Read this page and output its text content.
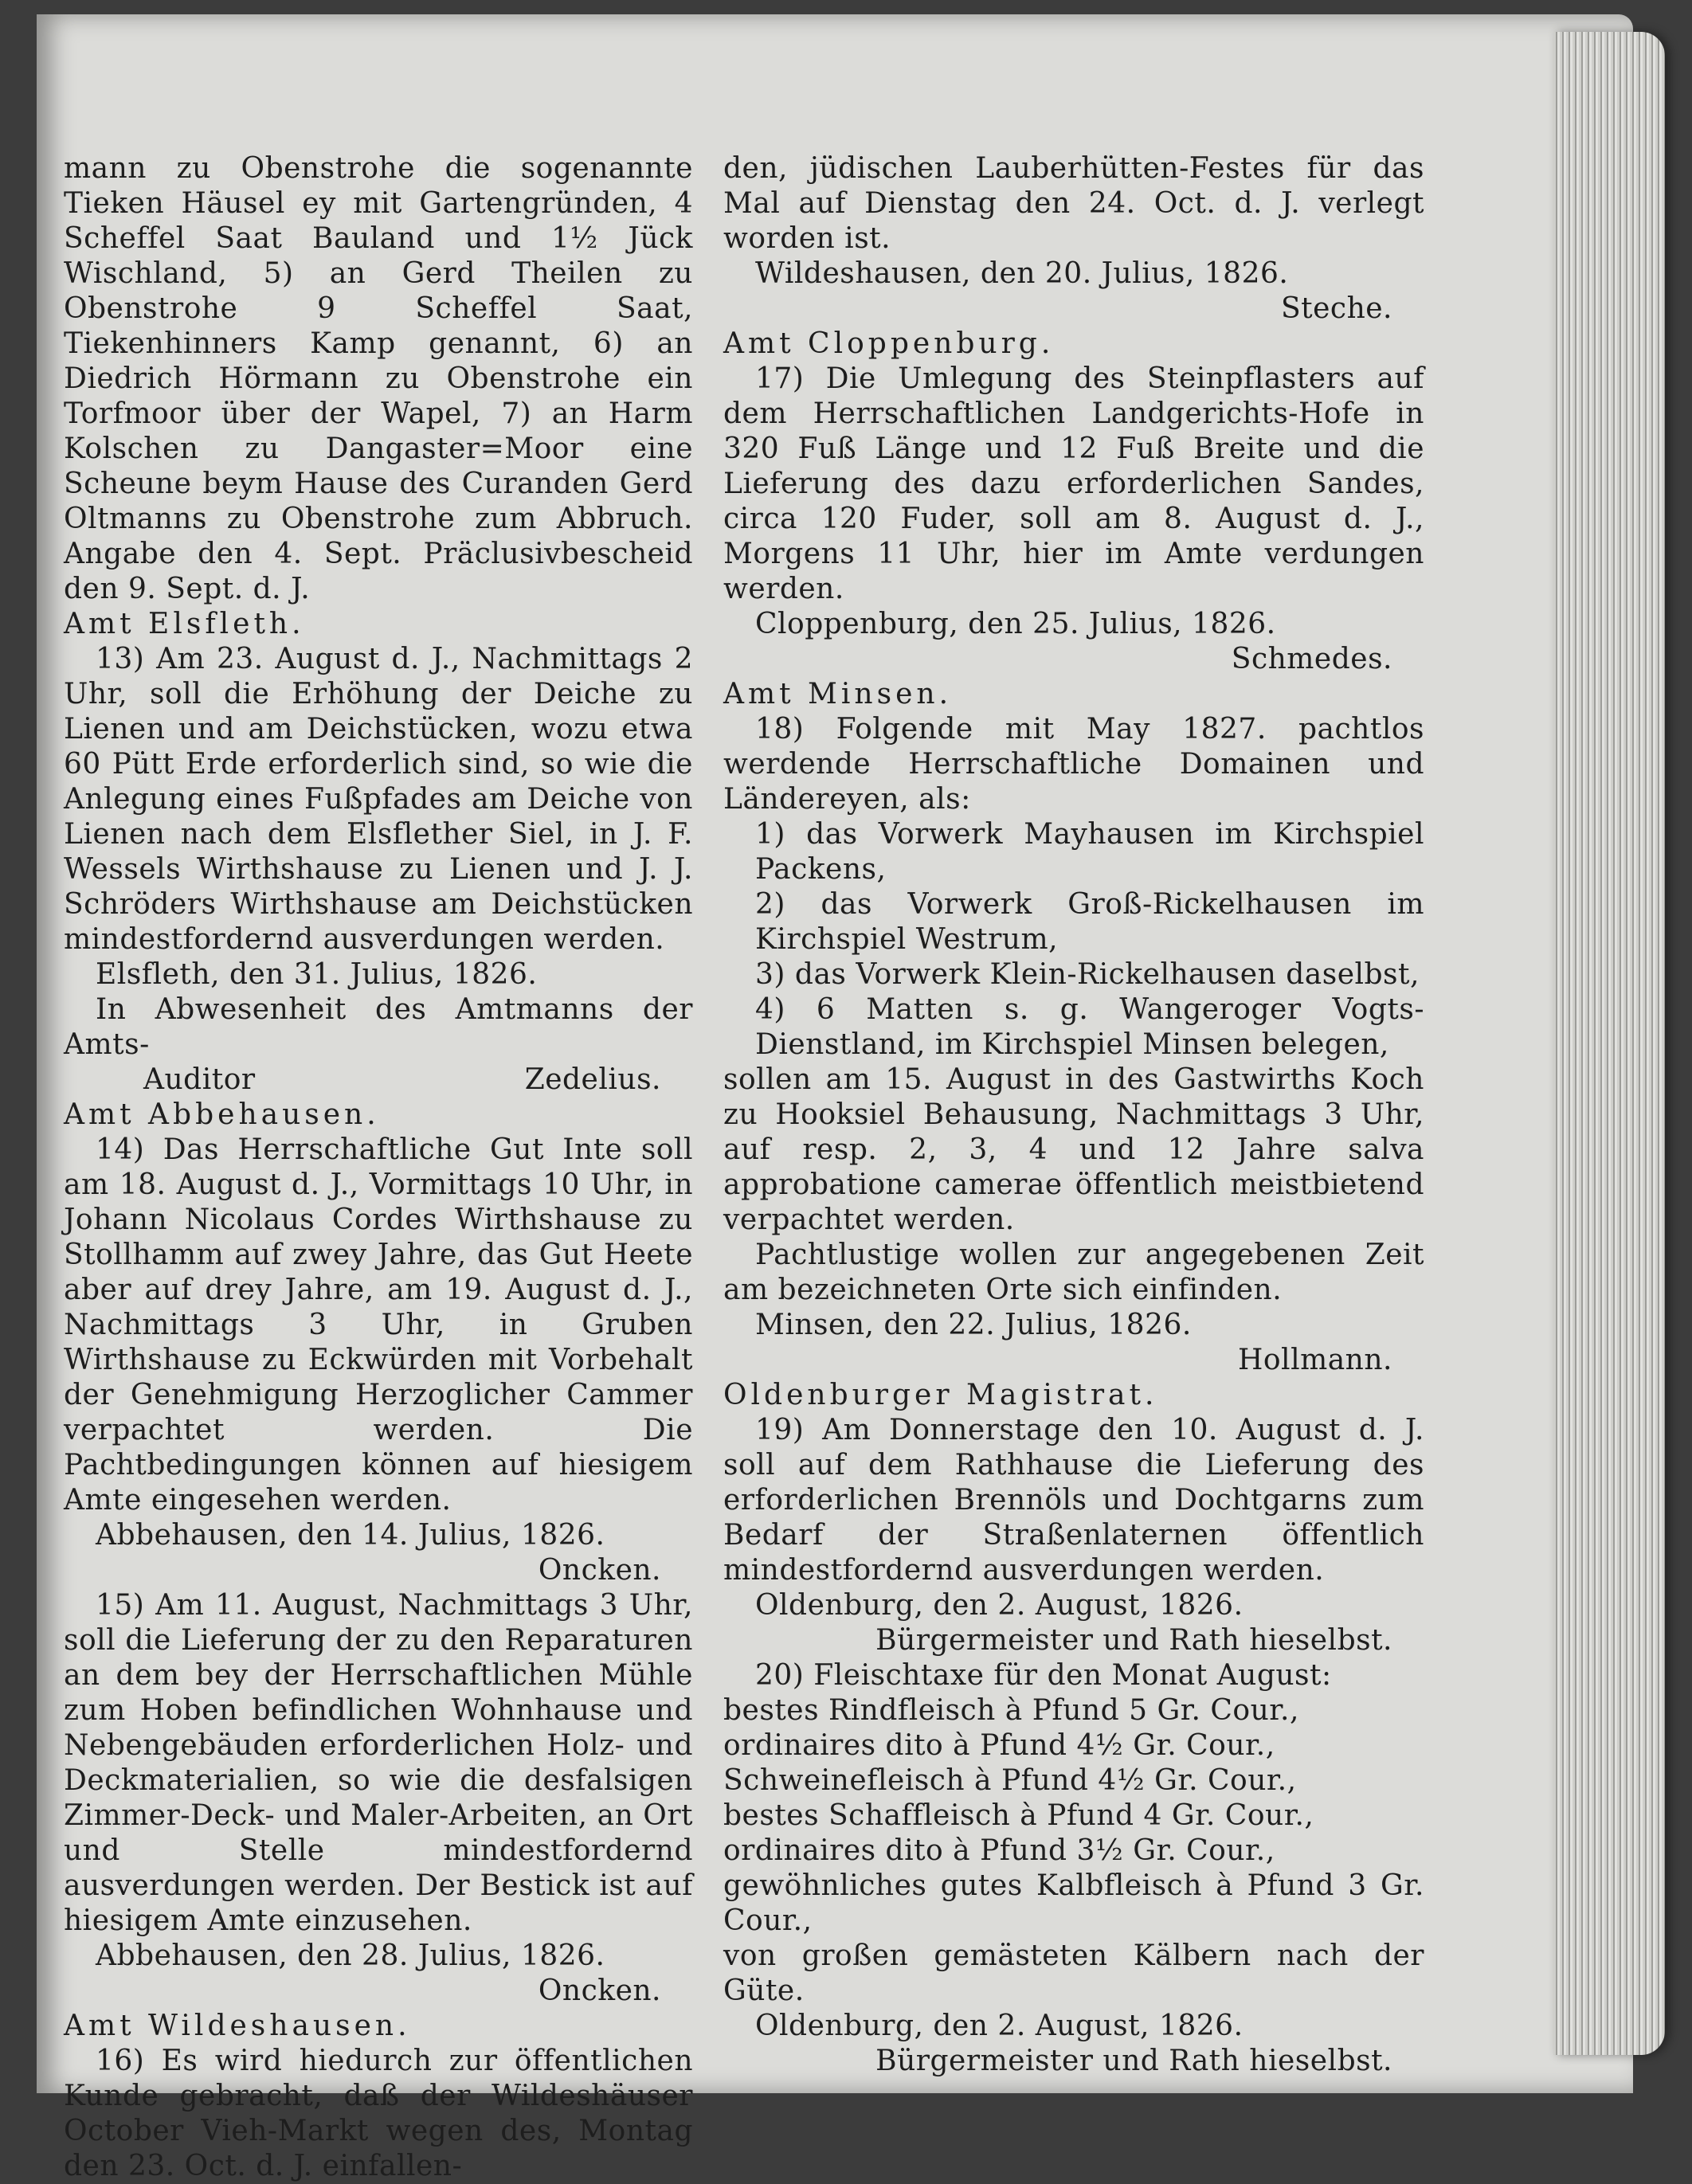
mann zu Obenstrohe die sogenannte Tieken Häusel ey mit Gartengründen, 4 Scheffel Saat Bauland und 1½ Jück Wischland, 5) an Gerd Theilen zu Obenstrohe 9 Scheffel Saat, Tiekenhinners Kamp genannt, 6) an Diedrich Hörmann zu Obenstrohe ein Torfmoor über der Wapel, 7) an Harm Kolschen zu Dangaster=Moor eine Scheune beym Hause des Curanden Gerd Oltmanns zu Obenstrohe zum Abbruch. Angabe den 4. Sept. Präclusivbescheid den 9. Sept. d. J.

Amt Elsfleth.

13) Am 23. August d. J., Nachmittags 2 Uhr, soll die Erhöhung der Deiche zu Lienen und am Deichstücken, wozu etwa 60 Pütt Erde erforderlich sind, so wie die Anlegung eines Fußpfades am Deiche von Lienen nach dem Elsflether Siel, in J. F. Wessels Wirthshause zu Lienen und J. J. Schröders Wirthshause am Deichstücken mindestfordernd ausverdungen werden.

Elsfleth, den 31. Julius, 1826.

In Abwesenheit des Amtmanns der Amts-

Auditor	Zedelius.

Amt Abbehausen.

14) Das Herrschaftliche Gut Inte soll am 18. August d. J., Vormittags 10 Uhr, in Johann Nicolaus Cordes Wirthshause zu Stollhamm auf zwey Jahre, das Gut Heete aber auf drey Jahre, am 19. August d. J., Nachmittags 3 Uhr, in Gruben Wirthshause zu Eckwürden mit Vorbehalt der Genehmigung Herzoglicher Cammer verpachtet werden. Die Pachtbedingungen können auf hiesigem Amte eingesehen werden.

Abbehausen, den 14. Julius, 1826.

Oncken.

15) Am 11. August, Nachmittags 3 Uhr, soll die Lieferung der zu den Reparaturen an dem bey der Herrschaftlichen Mühle zum Hoben befindlichen Wohnhause und Nebengebäuden erforderlichen Holz- und Deckmaterialien, so wie die desfalsigen Zimmer-Deck- und Maler-Arbeiten, an Ort und Stelle mindestfordernd ausverdungen werden. Der Bestick ist auf hiesigem Amte einzusehen.

Abbehausen, den 28. Julius, 1826.

Oncken.

Amt Wildeshausen.

16) Es wird hiedurch zur öffentlichen Kunde gebracht, daß der Wildeshäuser October Vieh-Markt wegen des, Montag den 23. Oct. d. J. einfallen-

den, jüdischen Lauberhütten-Festes für das Mal auf Dienstag den 24. Oct. d. J. verlegt worden ist.

Wildeshausen, den 20. Julius, 1826.

Steche.

Amt Cloppenburg.

17) Die Umlegung des Steinpflasters auf dem Herrschaftlichen Landgerichts-Hofe in 320 Fuß Länge und 12 Fuß Breite und die Lieferung des dazu erforderlichen Sandes, circa 120 Fuder, soll am 8. August d. J., Morgens 11 Uhr, hier im Amte verdungen werden.

Cloppenburg, den 25. Julius, 1826.

Schmedes.

Amt Minsen.

18) Folgende mit May 1827. pachtlos werdende Herrschaftliche Domainen und Ländereyen, als:

1) das Vorwerk Mayhausen im Kirchspiel Packens,

2) das Vorwerk Groß-Rickelhausen im Kirchspiel Westrum,

3) das Vorwerk Klein-Rickelhausen daselbst,

4) 6 Matten s. g. Wangeroger Vogts-Dienstland, im Kirchspiel Minsen belegen,

sollen am 15. August in des Gastwirths Koch zu Hooksiel Behausung, Nachmittags 3 Uhr, auf resp. 2, 3, 4 und 12 Jahre salva approbatione camerae öffentlich meistbietend verpachtet werden.

Pachtlustige wollen zur angegebenen Zeit am bezeichneten Orte sich einfinden.

Minsen, den 22. Julius, 1826.

Hollmann.

Oldenburger Magistrat.

19) Am Donnerstage den 10. August d. J. soll auf dem Rathhause die Lieferung des erforderlichen Brennöls und Dochtgarns zum Bedarf der Straßenlaternen öffentlich mindestfordernd ausverdungen werden.

Oldenburg, den 2. August, 1826.

Bürgermeister und Rath hieselbst.

20) Fleischtaxe für den Monat August:

bestes Rindfleisch à Pfund 5 Gr. Cour.,

ordinaires dito à Pfund 4½ Gr. Cour.,

Schweinefleisch à Pfund 4½ Gr. Cour.,

bestes Schaffleisch à Pfund 4 Gr. Cour.,

ordinaires dito à Pfund 3½ Gr. Cour.,

gewöhnliches gutes Kalbfleisch à Pfund 3 Gr. Cour.,

von großen gemästeten Kälbern nach der Güte.

Oldenburg, den 2. August, 1826.

Bürgermeister und Rath hieselbst.
